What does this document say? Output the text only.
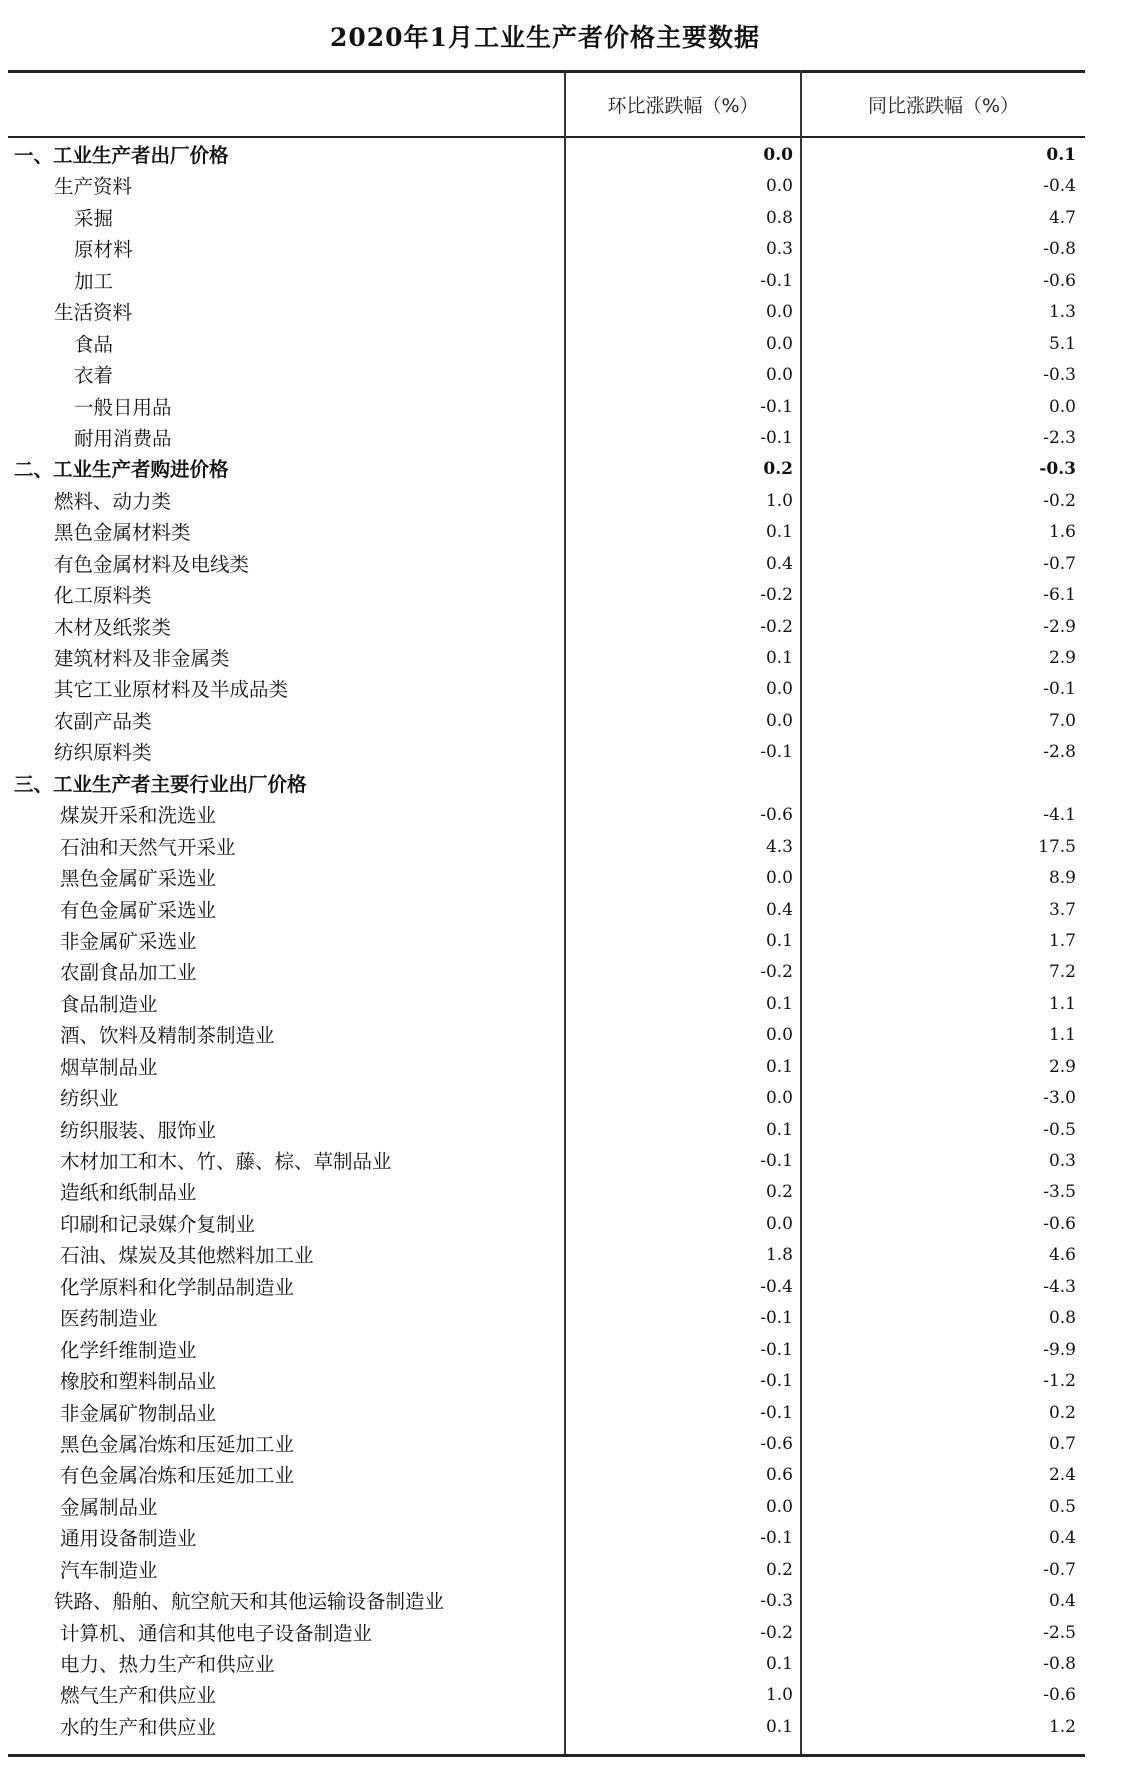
2020年1月工业生产者价格主要数据
环比涨跌幅（%）	同比涨跌幅（%）
一、工业生产者出厂价格	0.0	0.1
生产资料	0.0	-0.4
采掘	0.8	4.7
原材料	0.3	-0.8
加工	-0.1	-0.6
生活资料	0.0	1.3
食品	0.0	5.1
衣着	0.0	-0.3
一般日用品	-0.1	0.0
耐用消费品	-0.1	-2.3
二、工业生产者购进价格	0.2	-0.3
燃料、动力类	1.0	-0.2
黑色金属材料类	0.1	1.6
有色金属材料及电线类	0.4	-0.7
化工原料类	-0.2	-6.1
木材及纸浆类	-0.2	-2.9
建筑材料及非金属类	0.1	2.9
其它工业原材料及半成品类	0.0	-0.1
农副产品类	0.0	7.0
纺织原料类	-0.1	-2.8
三、工业生产者主要行业出厂价格
煤炭开采和洗选业	-0.6	-4.1
石油和天然气开采业	4.3	17.5
黑色金属矿采选业	0.0	8.9
有色金属矿采选业	0.4	3.7
非金属矿采选业	0.1	1.7
农副食品加工业	-0.2	7.2
食品制造业	0.1	1.1
酒、饮料及精制茶制造业	0.0	1.1
烟草制品业	0.1	2.9
纺织业	0.0	-3.0
纺织服装、服饰业	0.1	-0.5
木材加工和木、竹、藤、棕、草制品业	-0.1	0.3
造纸和纸制品业	0.2	-3.5
印刷和记录媒介复制业	0.0	-0.6
石油、煤炭及其他燃料加工业	1.8	4.6
化学原料和化学制品制造业	-0.4	-4.3
医药制造业	-0.1	0.8
化学纤维制造业	-0.1	-9.9
橡胶和塑料制品业	-0.1	-1.2
非金属矿物制品业	-0.1	0.2
黑色金属冶炼和压延加工业	-0.6	0.7
有色金属冶炼和压延加工业	0.6	2.4
金属制品业	0.0	0.5
通用设备制造业	-0.1	0.4
汽车制造业	0.2	-0.7
铁路、船舶、航空航天和其他运输设备制造业	-0.3	0.4
计算机、通信和其他电子设备制造业	-0.2	-2.5
电力、热力生产和供应业	0.1	-0.8
燃气生产和供应业	1.0	-0.6
水的生产和供应业	0.1	1.2
